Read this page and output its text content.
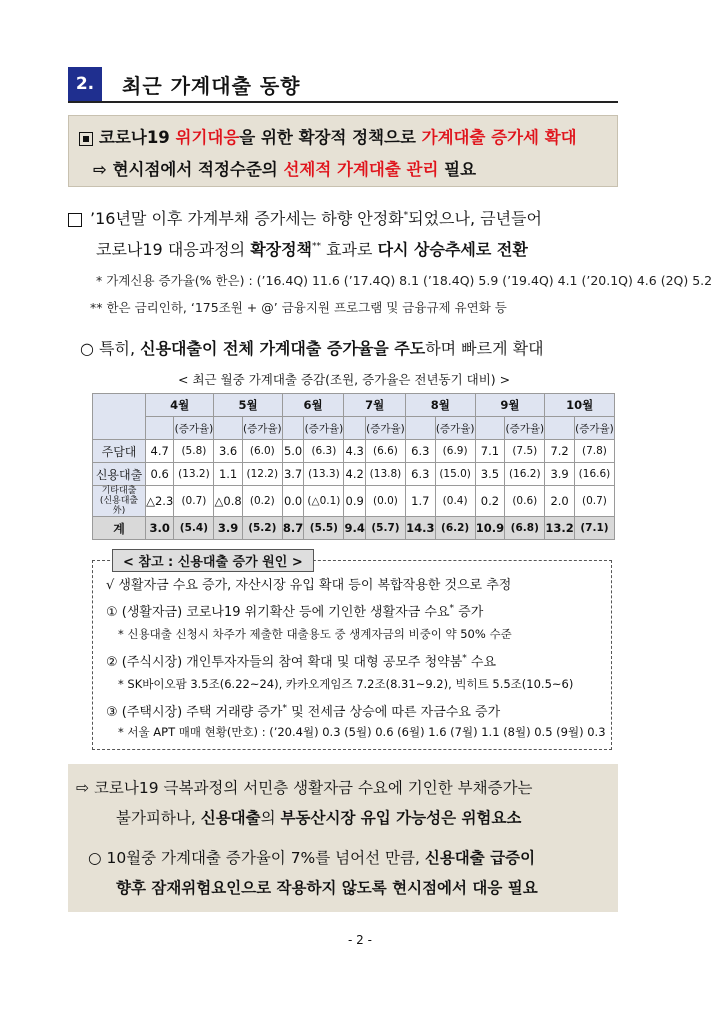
2.	최근 가계대출 동향
코로나19 위기대응을 위한 확장적 정책으로 가계대출 증가세 확대
⇨ 현시점에서 적정수준의 선제적 가계대출 관리 필요
’16년말 이후 가계부채 증가세는 하향 안정화*되었으나, 금년들어
코로나19 대응과정의 확장정책** 효과로 다시 상승추세로 전환
* 가계신용 증가율(% 한은) : (’16.4Q) 11.6 (’17.4Q) 8.1 (’18.4Q) 5.9 (’19.4Q) 4.1 (’20.1Q) 4.6 (2Q) 5.2
** 한은 금리인하, ‘175조원 + @’ 금융지원 프로그램 및 금융규제 유연화 등
○ 특히, 신용대출이 전체 가계대출 증가율을 주도하며 빠르게 확대
< 최근 월중 가계대출 증감(조원, 증가율은 전년동기 대비) >
	4월		5월		6월		7월		8월		9월		10월	
		(증가율)		(증가율)		(증가율)		(증가율)		(증가율)		(증가율)		(증가율)
주담대	4.7	(5.8)	3.6	(6.0)	5.0	(6.3)	4.3	(6.6)	6.3	(6.9)	7.1	(7.5)	7.2	(7.8)
신용대출	0.6	(13.2)	1.1	(12.2)	3.7	(13.3)	4.2	(13.8)	6.3	(15.0)	3.5	(16.2)	3.9	(16.6)
기타대출
(신용대출 外)	△2.3	(0.7)	△0.8	(0.2)	0.0	(△0.1)	0.9	(0.0)	1.7	(0.4)	0.2	(0.6)	2.0	(0.7)
계	3.0	(5.4)	3.9	(5.2)	8.7	(5.5)	9.4	(5.7)	14.3	(6.2)	10.9	(6.8)	13.2	(7.1)
< 참고 : 신용대출 증가 원인 >
√ 생활자금 수요 증가, 자산시장 유입 확대 등이 복합작용한 것으로 추정
① (생활자금) 코로나19 위기확산 등에 기인한 생활자금 수요* 증가
* 신용대출 신청시 차주가 제출한 대출용도 중 생계자금의 비중이 약 50% 수준
② (주식시장) 개인투자자들의 참여 확대 및 대형 공모주 청약붐* 수요
* SK바이오팜 3.5조(6.22~24), 카카오게임즈 7.2조(8.31~9.2), 빅히트 5.5조(10.5~6)
③ (주택시장) 주택 거래량 증가* 및 전세금 상승에 따른 자금수요 증가
* 서울 APT 매매 현황(만호) : (’20.4월) 0.3 (5월) 0.6 (6월) 1.6 (7월) 1.1 (8월) 0.5 (9월) 0.3
⇨ 코로나19 극복과정의 서민층 생활자금 수요에 기인한 부채증가는
불가피하나, 신용대출의 부동산시장 유입 가능성은 위험요소
○ 10월중 가계대출 증가율이 7%를 넘어선 만큼, 신용대출 급증이
향후 잠재위험요인으로 작용하지 않도록 현시점에서 대응 필요
- 2 -
